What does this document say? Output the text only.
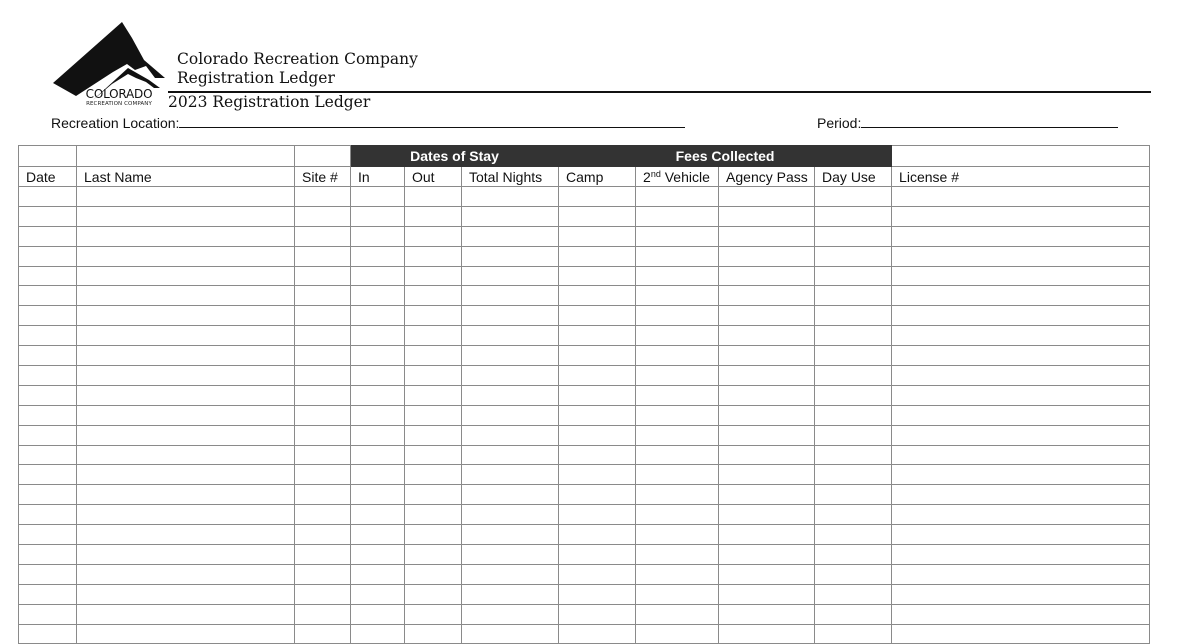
COLORADO
RECREATION COMPANY
Colorado Recreation Company
Registration Ledger
2023 Registration Ledger
Recreation Location:	Period:
			Dates of Stay			Fees Collected				
Date	Last Name	Site #	In	Out	Total Nights	Camp	2nd Vehicle	Agency Pass	Day Use	License #
